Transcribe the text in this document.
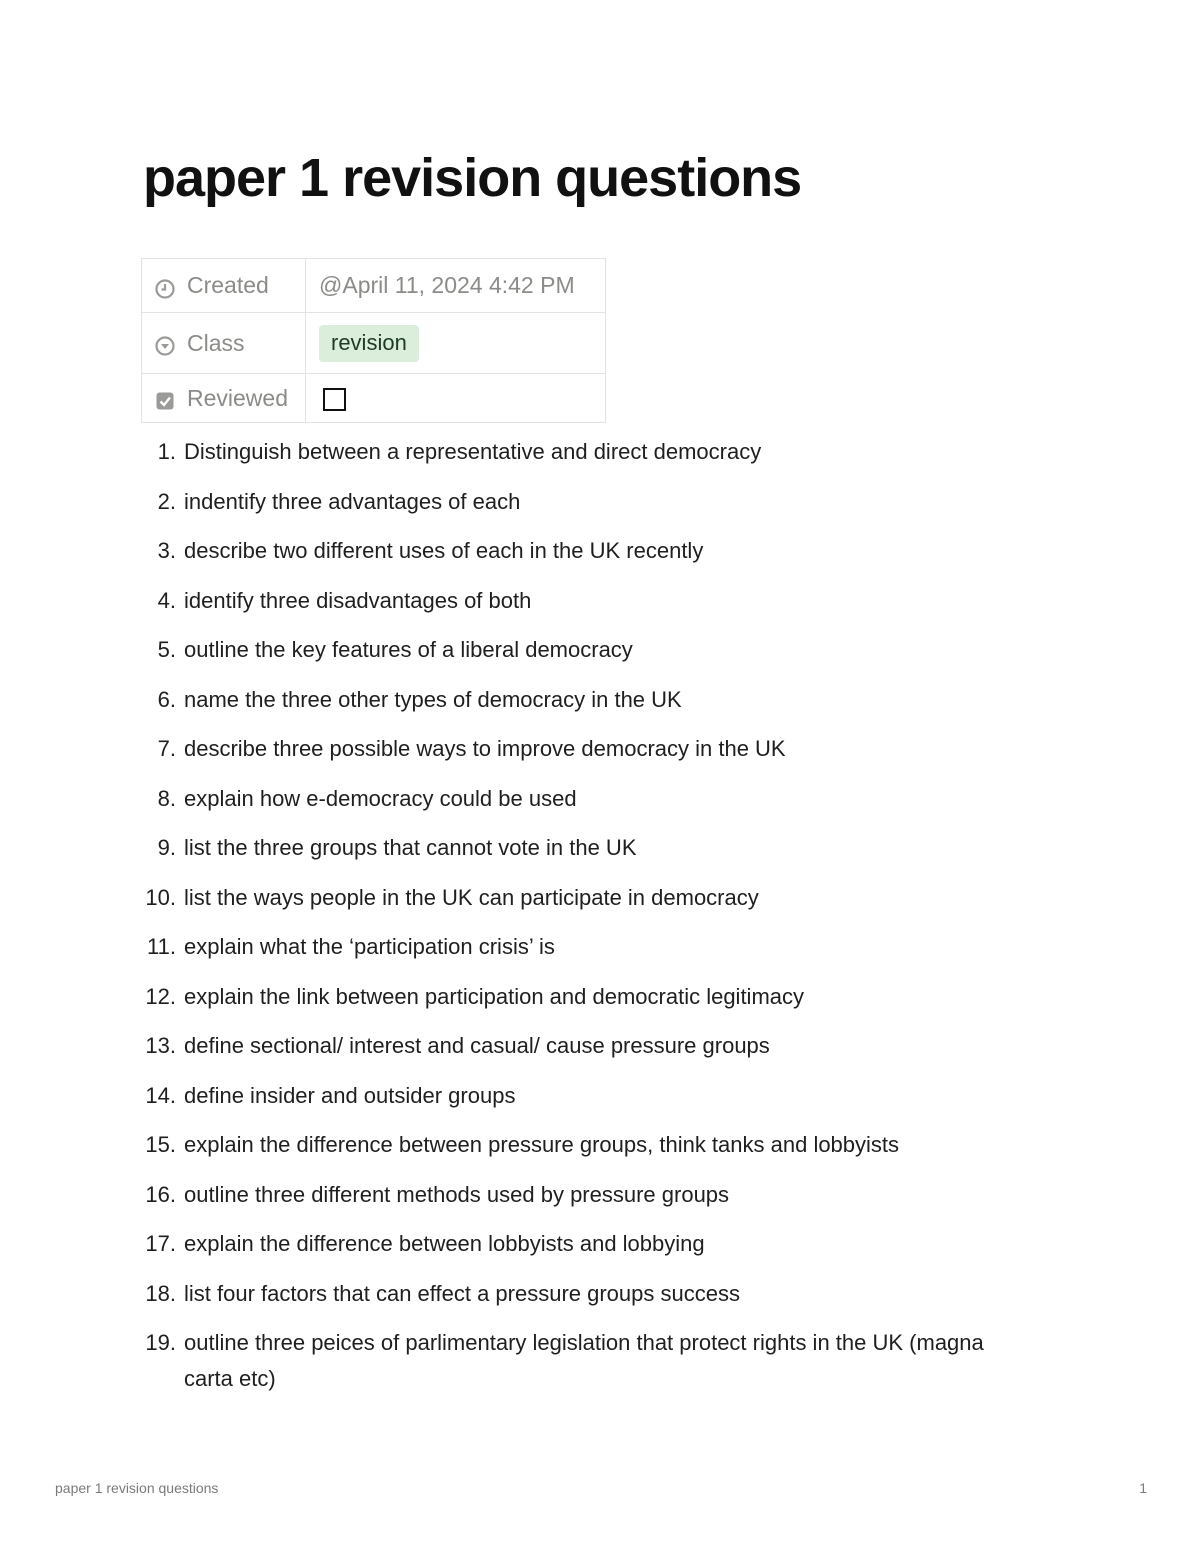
paper 1 revision questions
Created	@April 11, 2024 4:42 PM

Class	revision

Reviewed	

1. Distinguish between a representative and direct democracy
2. indentify three advantages of each
3. describe two different uses of each in the UK recently
4. identify three disadvantages of both
5. outline the key features of a liberal democracy
6. name the three other types of democracy in the UK
7. describe three possible ways to improve democracy in the UK
8. explain how e-democracy could be used
9. list the three groups that cannot vote in the UK
10. list the ways people in the UK can participate in democracy
11. explain what the ‘participation crisis’ is
12. explain the link between participation and democratic legitimacy
13. define sectional/ interest and casual/ cause pressure groups
14. define insider and outsider groups
15. explain the difference between pressure groups, think tanks and lobbyists
16. outline three different methods used by pressure groups
17. explain the difference between lobbyists and lobbying
18. list four factors that can effect a pressure groups success
19. outline three peices of parlimentary legislation that protect rights in the UK (magna carta etc)
paper 1 revision questions	1
